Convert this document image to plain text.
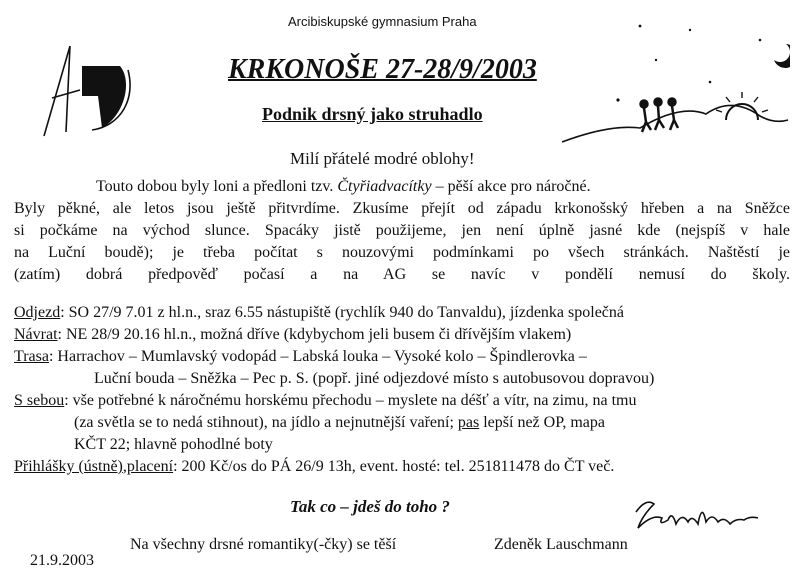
Arcibiskupské gymnasium Praha
KRKONOŠE 27-28/9/2003
Podnik drsný jako struhadlo
Milí přátelé modré oblohy!

Touto dobou byly loni a předloni tzv. Čtyřiadvacítky – pěší akce pro náročné.

Byly pěkné, ale letos jsou ještě přitvrdíme. Zkusíme přejít od západu krkonošský hřeben a na Sněžce

si počkáme na východ slunce. Spacáky jistě použijeme, jen není úplně jasné kde (nejspíš v hale

na Luční boudě); je třeba počítat s nouzovými podmínkami po všech stránkách. Naštěstí je

(zatím) dobrá předpověď počasí a na AG se navíc v pondělí nemusí do školy.

Odjezd : SO 27/9 7.01 z hl.n., sraz 6.55 nástupiště (rychlík 940 do Tanvaldu), jízdenka společná
Návrat : NE 28/9 20.16 hl.n., možná dříve (kdybychom jeli busem či dřívějším vlakem)
Trasa : Harrachov – Mumlavský vodopád – Labská louka – Vysoké kolo – Špindlerovka –
Luční bouda – Sněžka – Pec p. S. (popř. jiné odjezdové místo s autobusovou dopravou)
S sebou : vše potřebné k náročnému horskému přechodu – myslete na déšť a vítr, na zimu, na tmu
(za světla se to nedá stihnout), na jídlo a nejnutnější vaření; pas lepší než OP, mapa
KČT 22; hlavně pohodlné boty
Přihlášky (ústně) , placení : 200 Kč/os do PÁ 26/9 13h, event. hosté: tel. 251811478 do ČT več.
Tak co – jdeš do toho ?
Na všechny drsné romantiky(-čky) se těší	Zdeněk Lauschmann
21.9.2003
